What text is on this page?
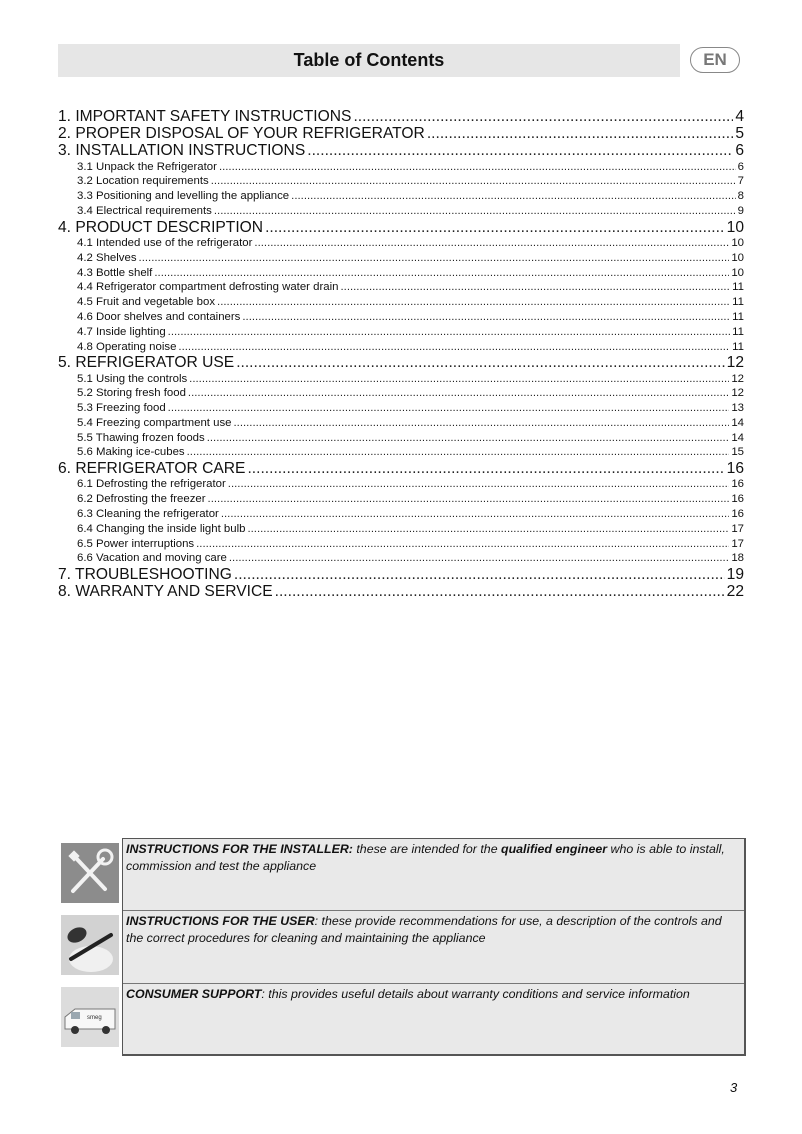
Table of Contents	EN
1. IMPORTANT SAFETY INSTRUCTIONS .....	4
2. PROPER DISPOSAL OF YOUR REFRIGERATOR .....	5
3. INSTALLATION INSTRUCTIONS .....	6
3.1 Unpack the Refrigerator .....	6
3.2 Location requirements .....	7
3.3 Positioning and levelling the appliance .....	8
3.4 Electrical requirements .....	9
4. PRODUCT DESCRIPTION .....	10
4.1 Intended use of the refrigerator .....	10
4.2 Shelves .....	10
4.3 Bottle shelf .....	10
4.4 Refrigerator compartment defrosting water drain .....	11
4.5 Fruit and vegetable box .....	11
4.6 Door shelves and containers .....	11
4.7 Inside lighting .....	11
4.8 Operating noise .....	11
5. REFRIGERATOR USE .....	12
5.1 Using the controls .....	12
5.2 Storing fresh food .....	12
5.3 Freezing food .....	13
5.4 Freezing compartment use .....	14
5.5 Thawing frozen foods .....	14
5.6 Making ice-cubes .....	15
6. REFRIGERATOR CARE .....	16
6.1 Defrosting the refrigerator .....	16
6.2 Defrosting the freezer .....	16
6.3 Cleaning the refrigerator .....	16
6.4 Changing the inside light bulb .....	17
6.5 Power interruptions .....	17
6.6 Vacation and moving care .....	18
7. TROUBLESHOOTING .....	19
8. WARRANTY AND SERVICE .....	22
INSTRUCTIONS FOR THE INSTALLER: these are intended for the qualified engineer who is able to install, commission and test the appliance
INSTRUCTIONS FOR THE USER: these provide recommendations for use, a description of the controls and the correct procedures for cleaning and maintaining the appliance
CONSUMER SUPPORT: this provides useful details about warranty conditions and service information
smeg
3
